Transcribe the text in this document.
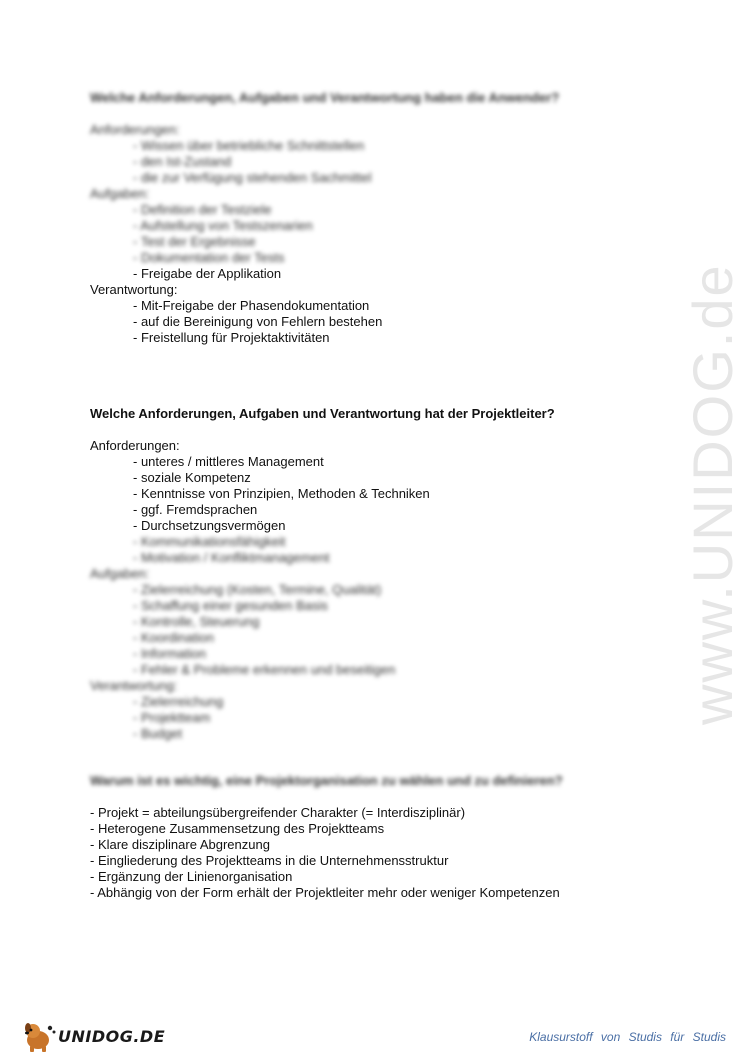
www.UNIDOG.de

Welche Anforderungen, Aufgaben und Verantwortung haben die Anwender?

Anforderungen:

- Wissen über betriebliche Schnittstellen

- den Ist-Zustand

- die zur Verfügung stehenden Sachmittel

Aufgaben:

- Definition der Testziele

- Aufstellung von Testszenarien

- Test der Ergebnisse

- Dokumentation der Tests

- Freigabe der Applikation

Verantwortung:

- Mit-Freigabe der Phasendokumentation

- auf die Bereinigung von Fehlern bestehen

- Freistellung für Projektaktivitäten

Welche Anforderungen, Aufgaben und Verantwortung hat der Projektleiter?

Anforderungen:

- unteres / mittleres Management

- soziale Kompetenz

- Kenntnisse von Prinzipien, Methoden & Techniken

- ggf. Fremdsprachen

- Durchsetzungsvermögen

- Kommunikationsfähigkeit

- Motivation / Konfliktmanagement

Aufgaben:

- Zielerreichung (Kosten, Termine, Qualität)

- Schaffung einer gesunden Basis

- Kontrolle, Steuerung

- Koordination

- Information

- Fehler & Probleme erkennen und beseitigen

Verantwortung:

- Zielerreichung

- Projektteam

- Budget

Warum ist es wichtig, eine Projektorganisation zu wählen und zu definieren?

- Projekt = abteilungsübergreifender Charakter (= Interdisziplinär)

- Heterogene Zusammensetzung des Projektteams

- Klare disziplinare Abgrenzung

- Eingliederung des Projektteams in die Unternehmensstruktur

- Ergänzung der Linienorganisation

- Abhängig von der Form erhält der Projektleiter mehr oder weniger Kompetenzen

UNIDOG.DE	Klausurstoff von Studis für Studis
